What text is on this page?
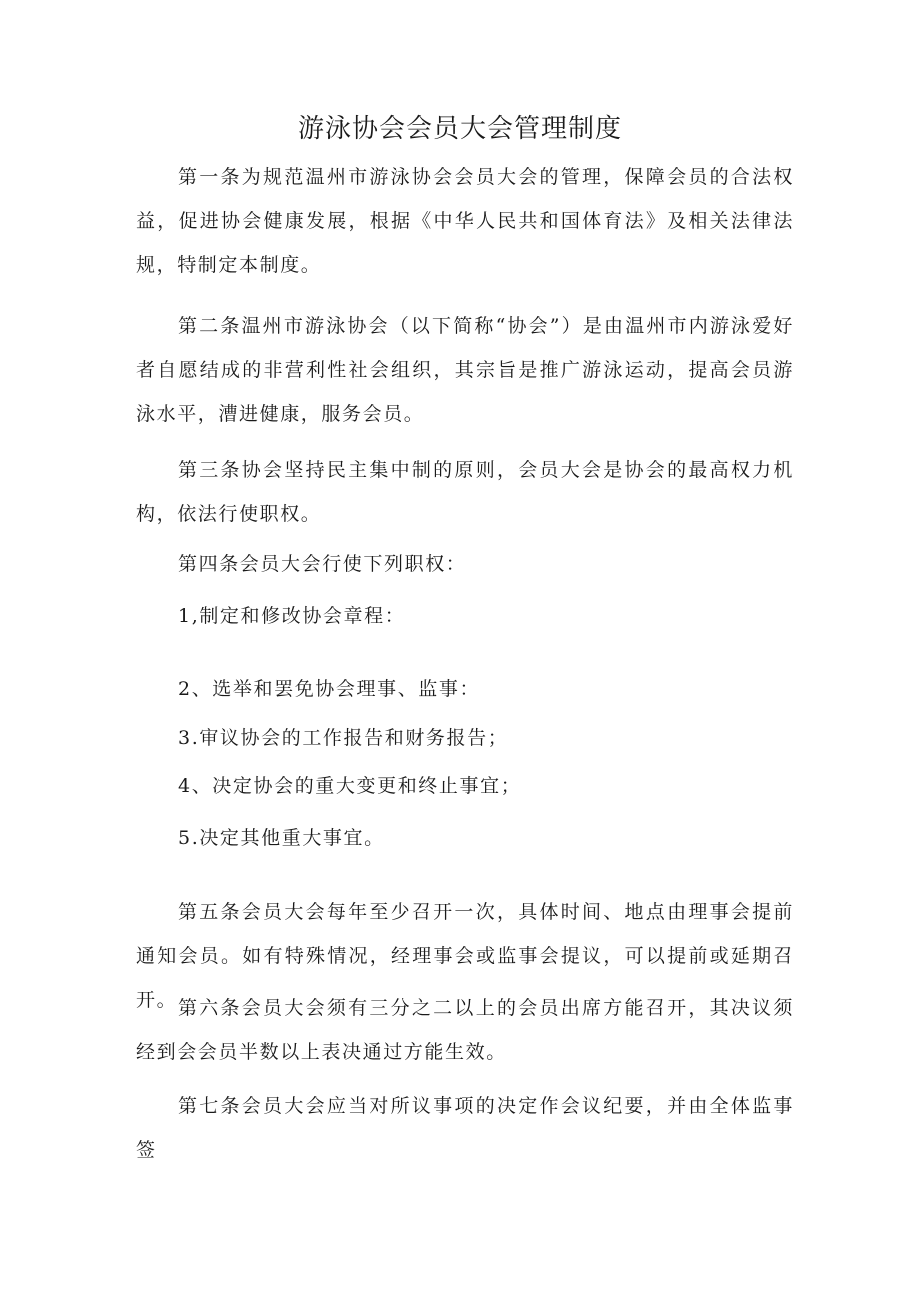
游泳协会会员大会管理制度

第一条为规范温州市游泳协会会员大会的管理，保障会员的合法权益，促进协会健康发展，根据《中华人民共和国体育法》及相关法律法规，特制定本制度。

第二条温州市游泳协会（以下简称“协会”）是由温州市内游泳爱好者自愿结成的非营利性社会组织，其宗旨是推广游泳运动，提高会员游泳水平，漕进健康，服务会员。

第三条协会坚持民主集中制的原则，会员大会是协会的最高权力机构，依法行使职权。

第四条会员大会行使下列职权：

1,制定和修改协会章程：

2、选举和罢免协会理事、监事：

3.审议协会的工作报告和财务报告；

4、决定协会的重大变更和终止事宜；

5.决定其他重大事宜。

第五条会员大会每年至少召开一次，具体时间、地点由理事会提前通知会员。如有特殊情况，经理事会或监事会提议，可以提前或延期召开。 第六条会员大会须有三分之二以上的会员出席方能召开，其决议须经到会会员半数以上表决通过方能生效。

第七条会员大会应当对所议事项的决定作会议纪要，并由全体监事签
